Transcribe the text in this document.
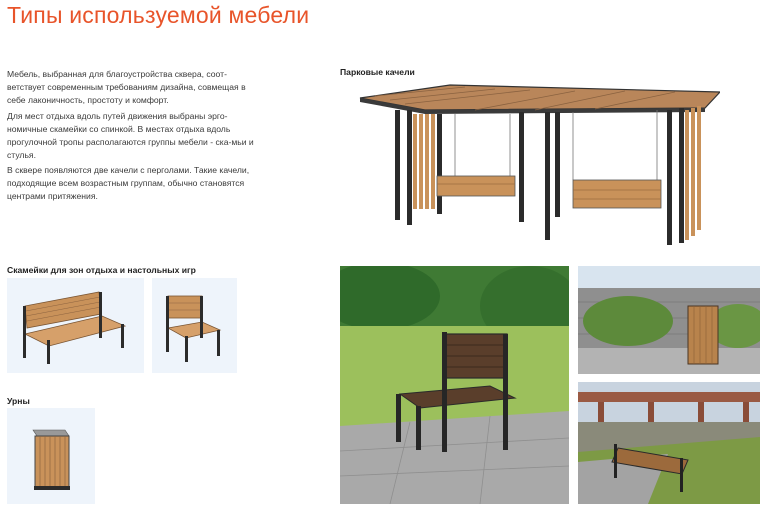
Типы используемой мебели

Мебель, выбранная для благоустройства сквера, соот-ветствует современным требованиям дизайна, совмещая в себе лаконичность, простоту и комфорт.

Для мест отдыха вдоль путей движения выбраны эрго-номичные скамейки со спинкой. В местах отдыха вдоль прогулочной тропы располагаются группы мебели - ска-мьи и стулья.

В сквере появляются две качели с перголами. Такие качели, подходящие всем возрастным группам, обычно становятся центрами притяжения.

Парковые качели
Скамейки для зон отдыха и настольных игр
Урны
